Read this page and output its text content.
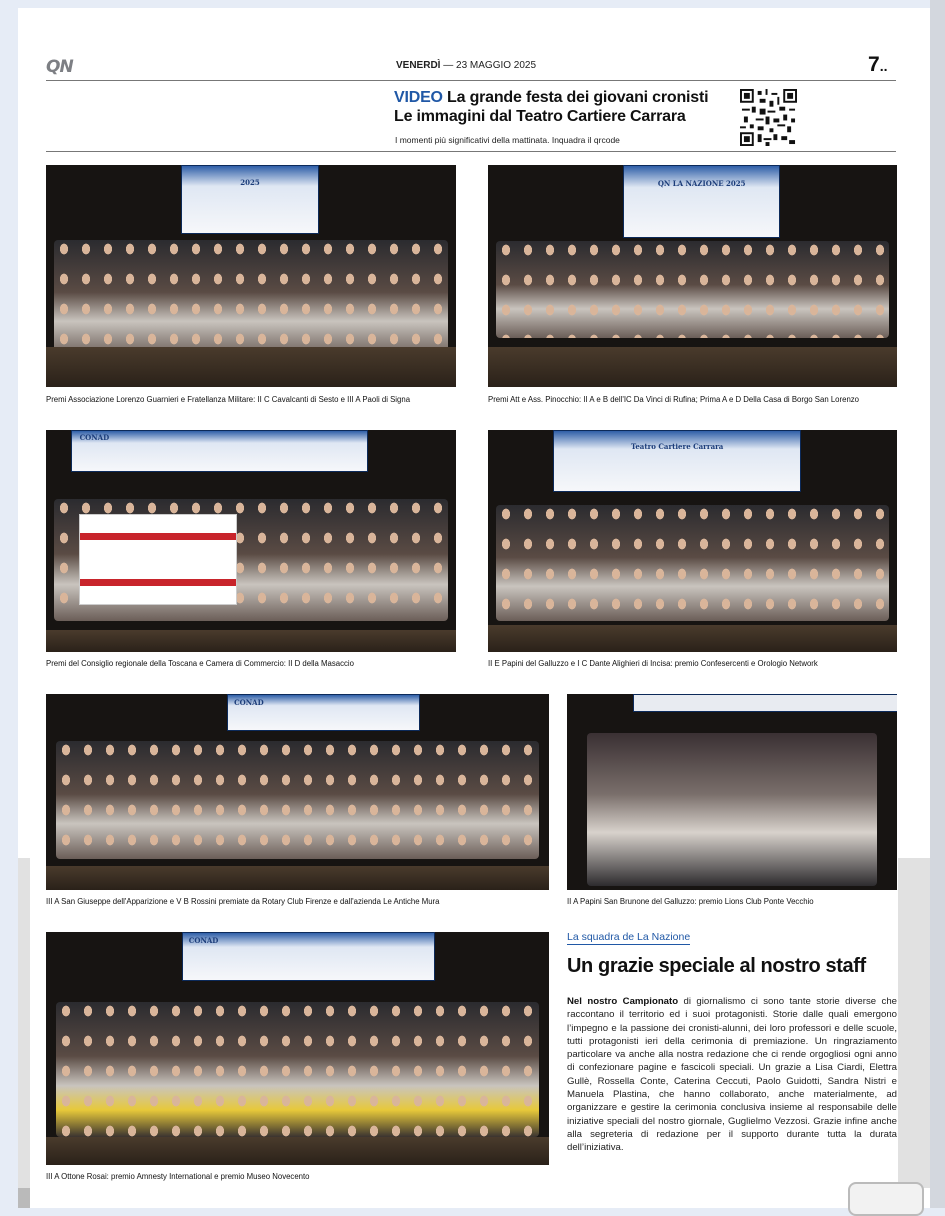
QN	VENERDÌ — 23 MAGGIO 2025	7..
VIDEO La grande festa dei giovani cronisti
Le immagini dal Teatro Cartiere Carrara
I momenti più significativi della mattinata. Inquadra il qrcode
2025
Premi Associazione Lorenzo Guarnieri e Fratellanza Militare: II C Cavalcanti di Sesto e III A Paoli di Signa
QN LA NAZIONE 2025
Premi Att e Ass. Pinocchio: II A e B dell'IC Da Vinci di Rufina; Prima A e D Della Casa di Borgo San Lorenzo
CONAD
Premi del Consiglio regionale della Toscana e Camera di Commercio: II D della Masaccio
Teatro Cartiere Carrara
II E Papini del Galluzzo e I C Dante Alighieri di Incisa: premio Confesercenti e Orologio Network
CONAD
III A San Giuseppe dell'Apparizione e V B Rossini premiate da Rotary Club Firenze e dall'azienda Le Antiche Mura	II A Papini San Brunone del Galluzzo: premio Lions Club Ponte Vecchio
CONAD
III A Ottone Rosai: premio Amnesty International e premio Museo Novecento
La squadra de La Nazione
Un grazie speciale al nostro staff
Nel nostro Campionato di giornalismo ci sono tante storie diverse che raccontano il territorio ed i suoi protagonisti. Storie dalle quali emergono l’impegno e la passione dei cronisti-alunni, dei loro professori e delle scuole, tutti protagonisti ieri della cerimonia di premiazione. Un ringraziamento particolare va anche alla nostra redazione che ci rende orgogliosi ogni anno di confezionare pagine e fascicoli speciali. Un grazie a Lisa Ciardi, Elettra Gullè, Rossella Conte, Caterina Ceccuti, Paolo Guidotti, Sandra Nistri e Manuela Plastina, che hanno collaborato, anche materialmente, ad organizzare e gestire la cerimonia conclusiva insieme al responsabile delle iniziative speciali del nostro giornale, Guglielmo Vezzosi. Grazie infine anche alla segreteria di redazione per il supporto durante tutta la durata dell’iniziativa.
